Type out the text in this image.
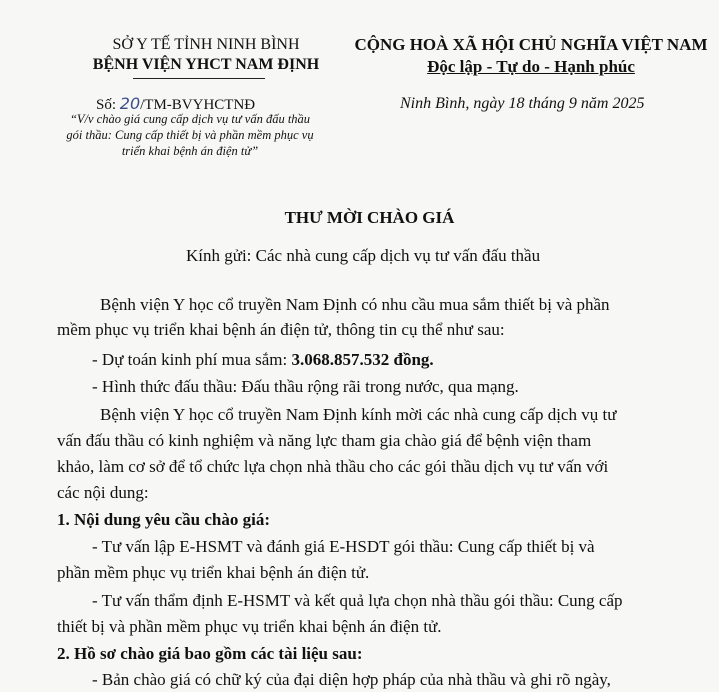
SỞ Y TẾ TỈNH NINH BÌNH
BỆNH VIỆN YHCT NAM ĐỊNH
CỘNG HOÀ XÃ HỘI CHỦ NGHĨA VIỆT NAM
Độc lập - Tự do - Hạnh phúc
Số: 20/TM-BVYHCTNĐ	Ninh Bình, ngày 18 tháng 9 năm 2025
“V/v chào giá cung cấp dịch vụ tư vấn đấu thầu gói thầu: Cung cấp thiết bị và phần mềm phục vụ triển khai bệnh án điện tử”
THƯ MỜI CHÀO GIÁ
Kính gửi: Các nhà cung cấp dịch vụ tư vấn đấu thầu
Bệnh viện Y học cổ truyền Nam Định có nhu cầu mua sắm thiết bị và phần
mềm phục vụ triển khai bệnh án điện tử, thông tin cụ thể như sau:
- Dự toán kinh phí mua sắm: 3.068.857.532 đồng.
- Hình thức đấu thầu: Đấu thầu rộng rãi trong nước, qua mạng.
Bệnh viện Y học cổ truyền Nam Định kính mời các nhà cung cấp dịch vụ tư
vấn đấu thầu có kinh nghiệm và năng lực tham gia chào giá để bệnh viện tham
khảo, làm cơ sở để tổ chức lựa chọn nhà thầu cho các gói thầu dịch vụ tư vấn với
các nội dung:
1. Nội dung yêu cầu chào giá:
- Tư vấn lập E-HSMT và đánh giá E-HSDT gói thầu: Cung cấp thiết bị và
phần mềm phục vụ triển khai bệnh án điện tử.
- Tư vấn thẩm định E-HSMT và kết quả lựa chọn nhà thầu gói thầu: Cung cấp
thiết bị và phần mềm phục vụ triển khai bệnh án điện tử.
2. Hồ sơ chào giá bao gồm các tài liệu sau:
- Bản chào giá có chữ ký của đại diện hợp pháp của nhà thầu và ghi rõ ngày,
